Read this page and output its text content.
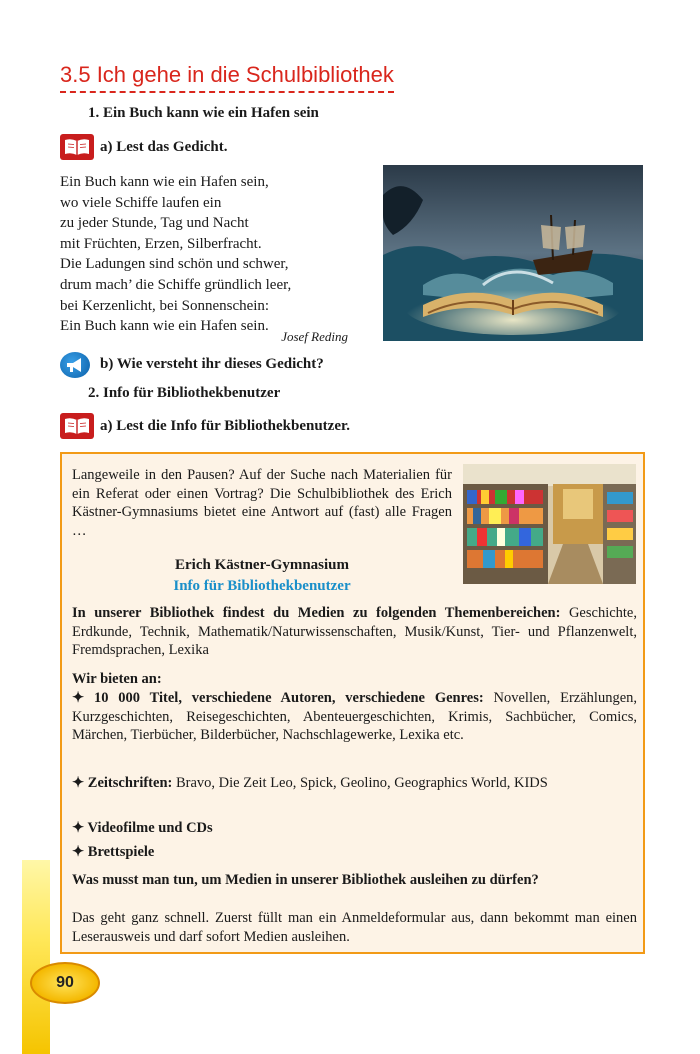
3.5 Ich gehe in die Schulbibliothek
1. Ein Buch kann wie ein Hafen sein
a) Lest das Gedicht.
Ein Buch kann wie ein Hafen sein,
wo viele Schiffe laufen ein
zu jeder Stunde, Tag und Nacht
mit Früchten, Erzen, Silberfracht.
Die Ladungen sind schön und schwer,
drum mach’ die Schiffe gründlich leer,
bei Kerzenlicht, bei Sonnenschein:
Ein Buch kann wie ein Hafen sein.
Josef Reding
b) Wie versteht ihr dieses Gedicht?
2. Info für Bibliothekbenutzer
a) Lest die Info für Bibliothekbenutzer.
Langeweile in den Pausen? Auf der Suche nach Materialien für ein Referat oder einen Vortrag? Die Schulbibliothek des Erich Kästner-Gymnasiums bietet eine Antwort auf (fast) alle Fragen …
Erich Kästner-Gymnasium
Info für Bibliothekbenutzer
In unserer Bibliothek findest du Medien zu folgenden Themenbereichen: Geschichte, Erdkunde, Technik, Mathematik/Naturwissenschaften, Musik/Kunst, Tier- und Pflanzenwelt, Fremdsprachen, Lexika
Wir bieten an:
✦ 10 000 Titel, verschiedene Autoren, verschiedene Genres: Novellen, Erzählungen, Kurzgeschichten, Reisegeschichten, Abenteuergeschichten, Krimis, Sachbücher, Comics, Märchen, Tierbücher, Bilderbücher, Nachschlagewerke, Lexika etc.
✦ Zeitschriften: Bravo, Die Zeit Leo, Spick, Geolino, Geographics World, KIDS
✦ Videofilme und CDs
✦ Brettspiele
Was musst man tun, um Medien in unserer Bibliothek ausleihen zu dürfen?
Das geht ganz schnell. Zuerst füllt man ein Anmeldeformular aus, dann bekommt man einen Leserausweis und darf sofort Medien ausleihen.
90
